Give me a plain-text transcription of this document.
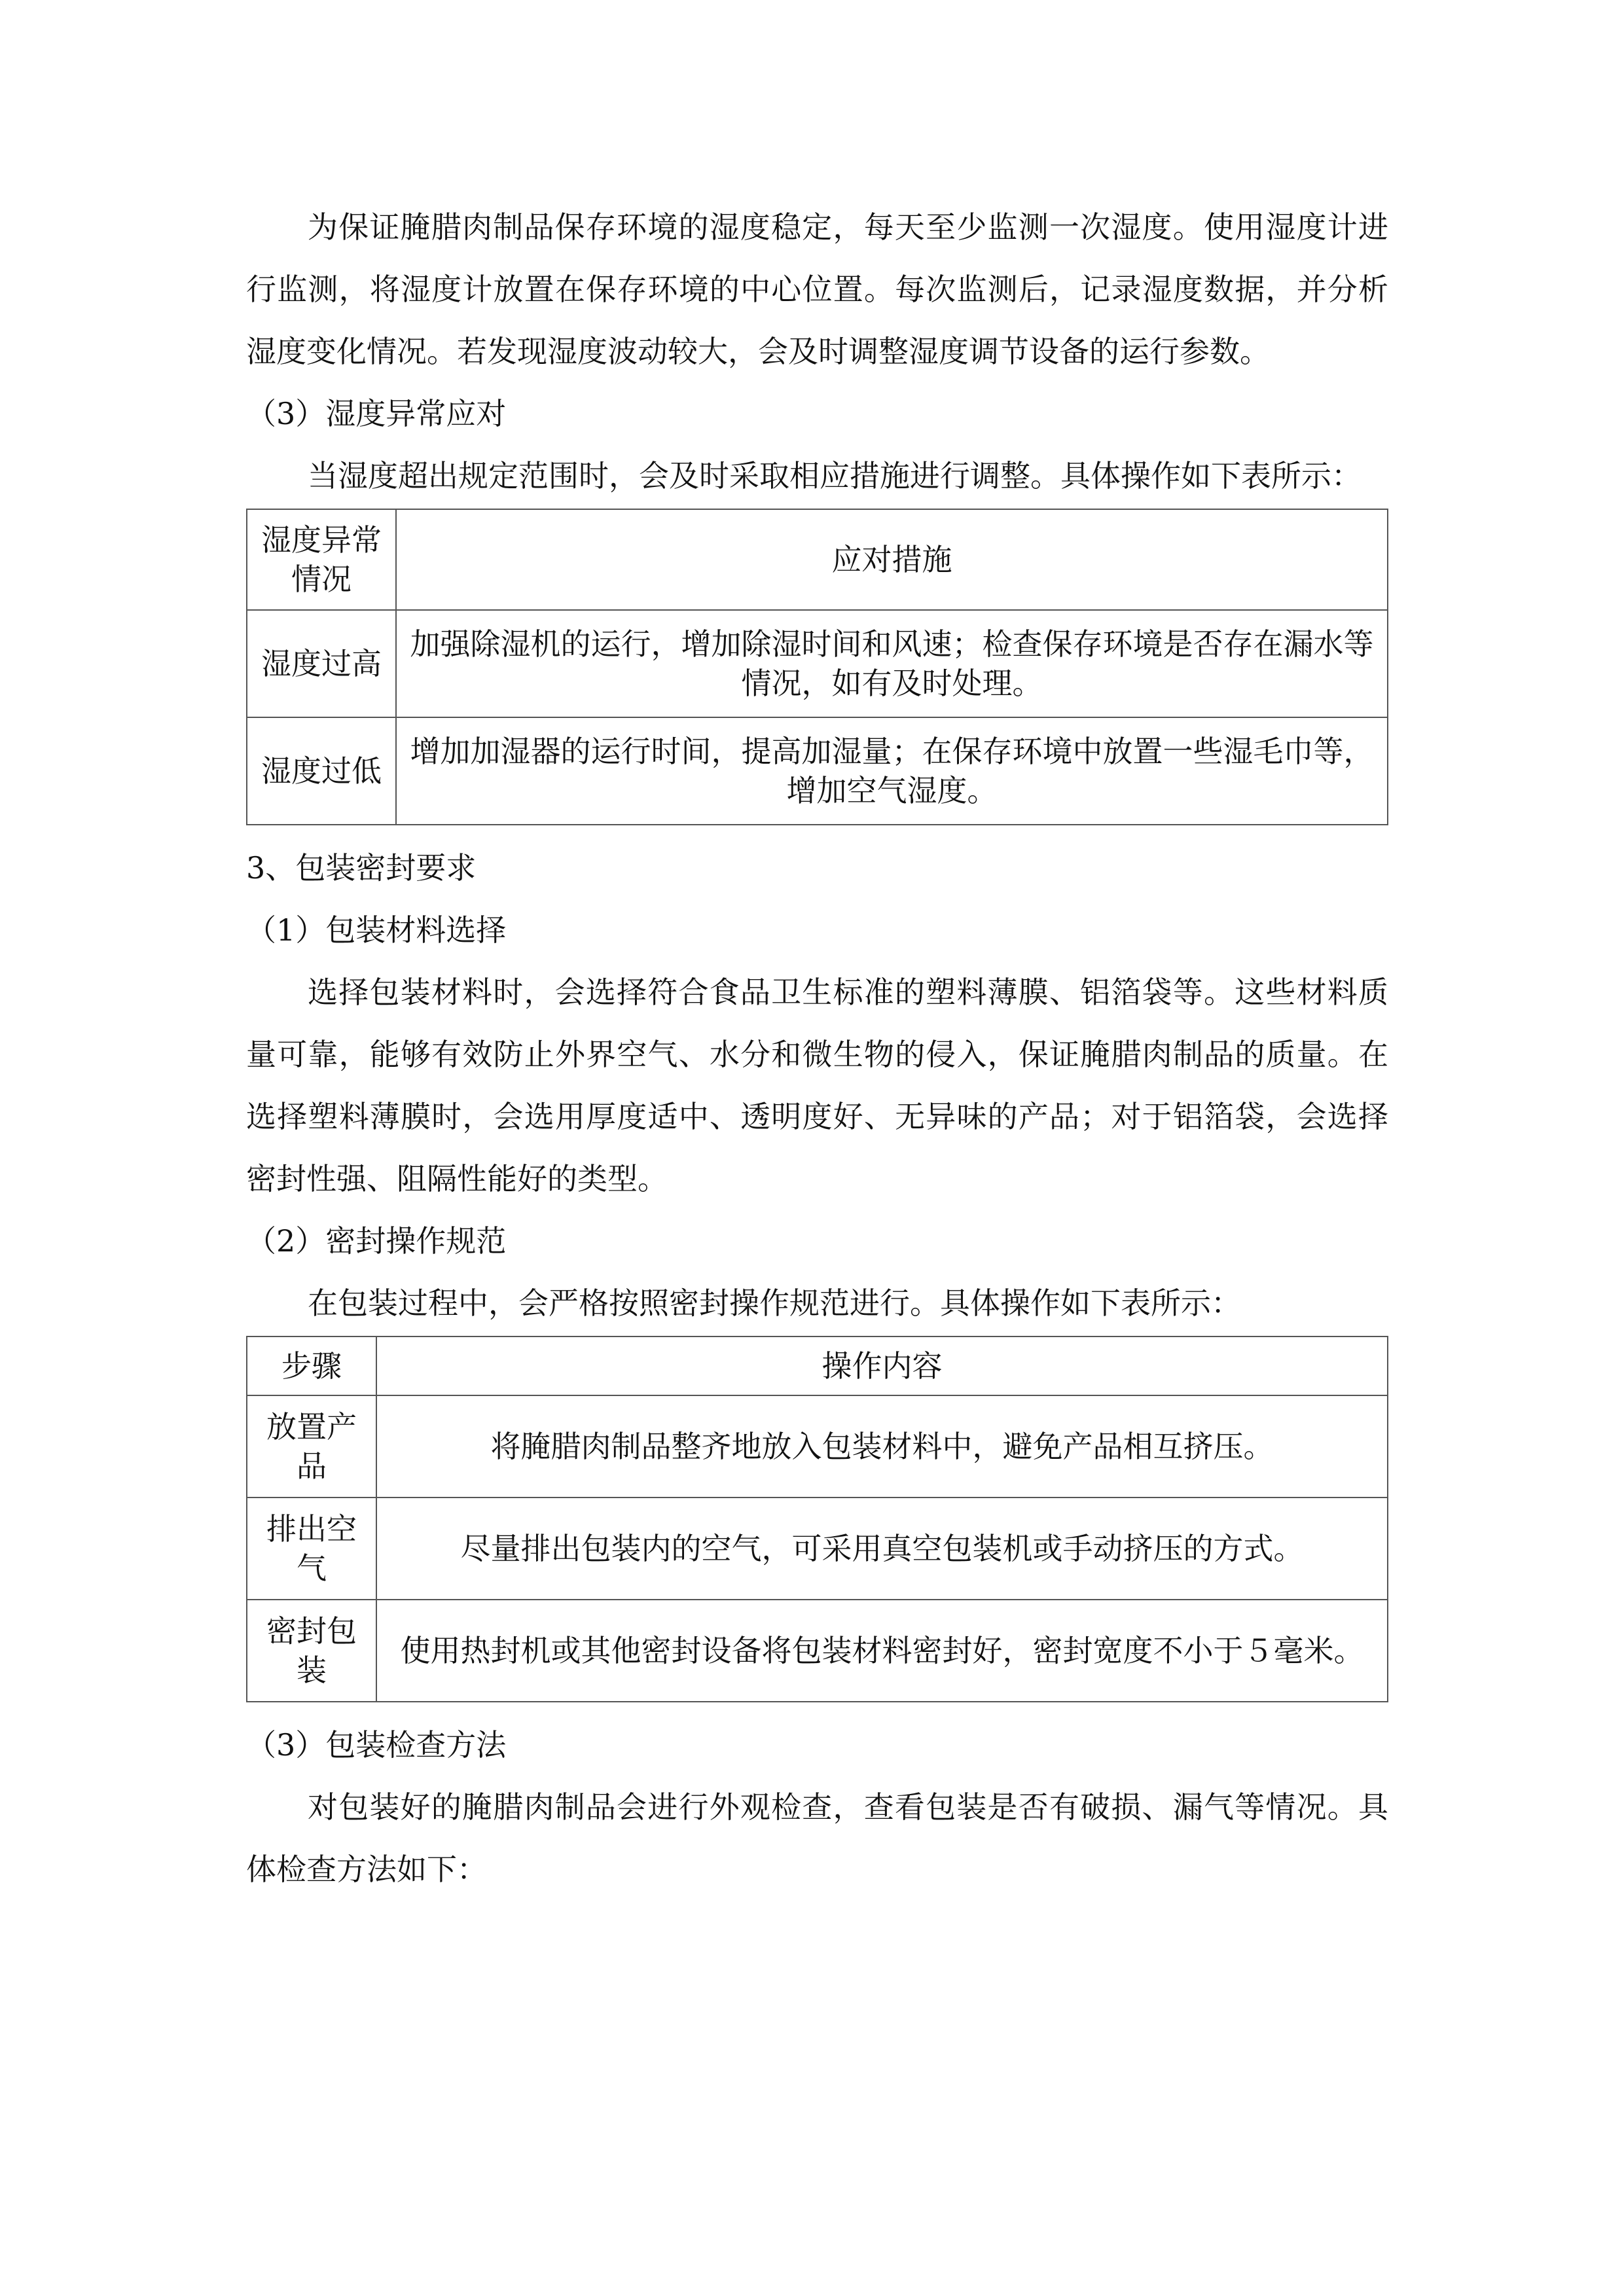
为保证腌腊肉制品保存环境的湿度稳定，每天至少监测一次湿度。使用湿度计进行监测，将湿度计放置在保存环境的中心位置。每次监测后，记录湿度数据，并分析湿度变化情况。若发现湿度波动较大，会及时调整湿度调节设备的运行参数。

（3）湿度异常应对

当湿度超出规定范围时，会及时采取相应措施进行调整。具体操作如下表所示：

湿度异常情况	应对措施
湿度过高	加强除湿机的运行，增加除湿时间和风速；检查保存环境是否存在漏水等情况，如有及时处理。
湿度过低	增加加湿器的运行时间，提高加湿量；在保存环境中放置一些湿毛巾等，增加空气湿度。

3、包装密封要求

（1）包装材料选择

选择包装材料时，会选择符合食品卫生标准的塑料薄膜、铝箔袋等。这些材料质量可靠，能够有效防止外界空气、水分和微生物的侵入，保证腌腊肉制品的质量。在选择塑料薄膜时，会选用厚度适中、透明度好、无异味的产品；对于铝箔袋，会选择密封性强、阻隔性能好的类型。

（2）密封操作规范

在包装过程中，会严格按照密封操作规范进行。具体操作如下表所示：

步骤	操作内容
放置产品	将腌腊肉制品整齐地放入包装材料中，避免产品相互挤压。
排出空气	尽量排出包装内的空气，可采用真空包装机或手动挤压的方式。
密封包装	使用热封机或其他密封设备将包装材料密封好，密封宽度不小于５毫米。

（3）包装检查方法

对包装好的腌腊肉制品会进行外观检查，查看包装是否有破损、漏气等情况。具体检查方法如下：
